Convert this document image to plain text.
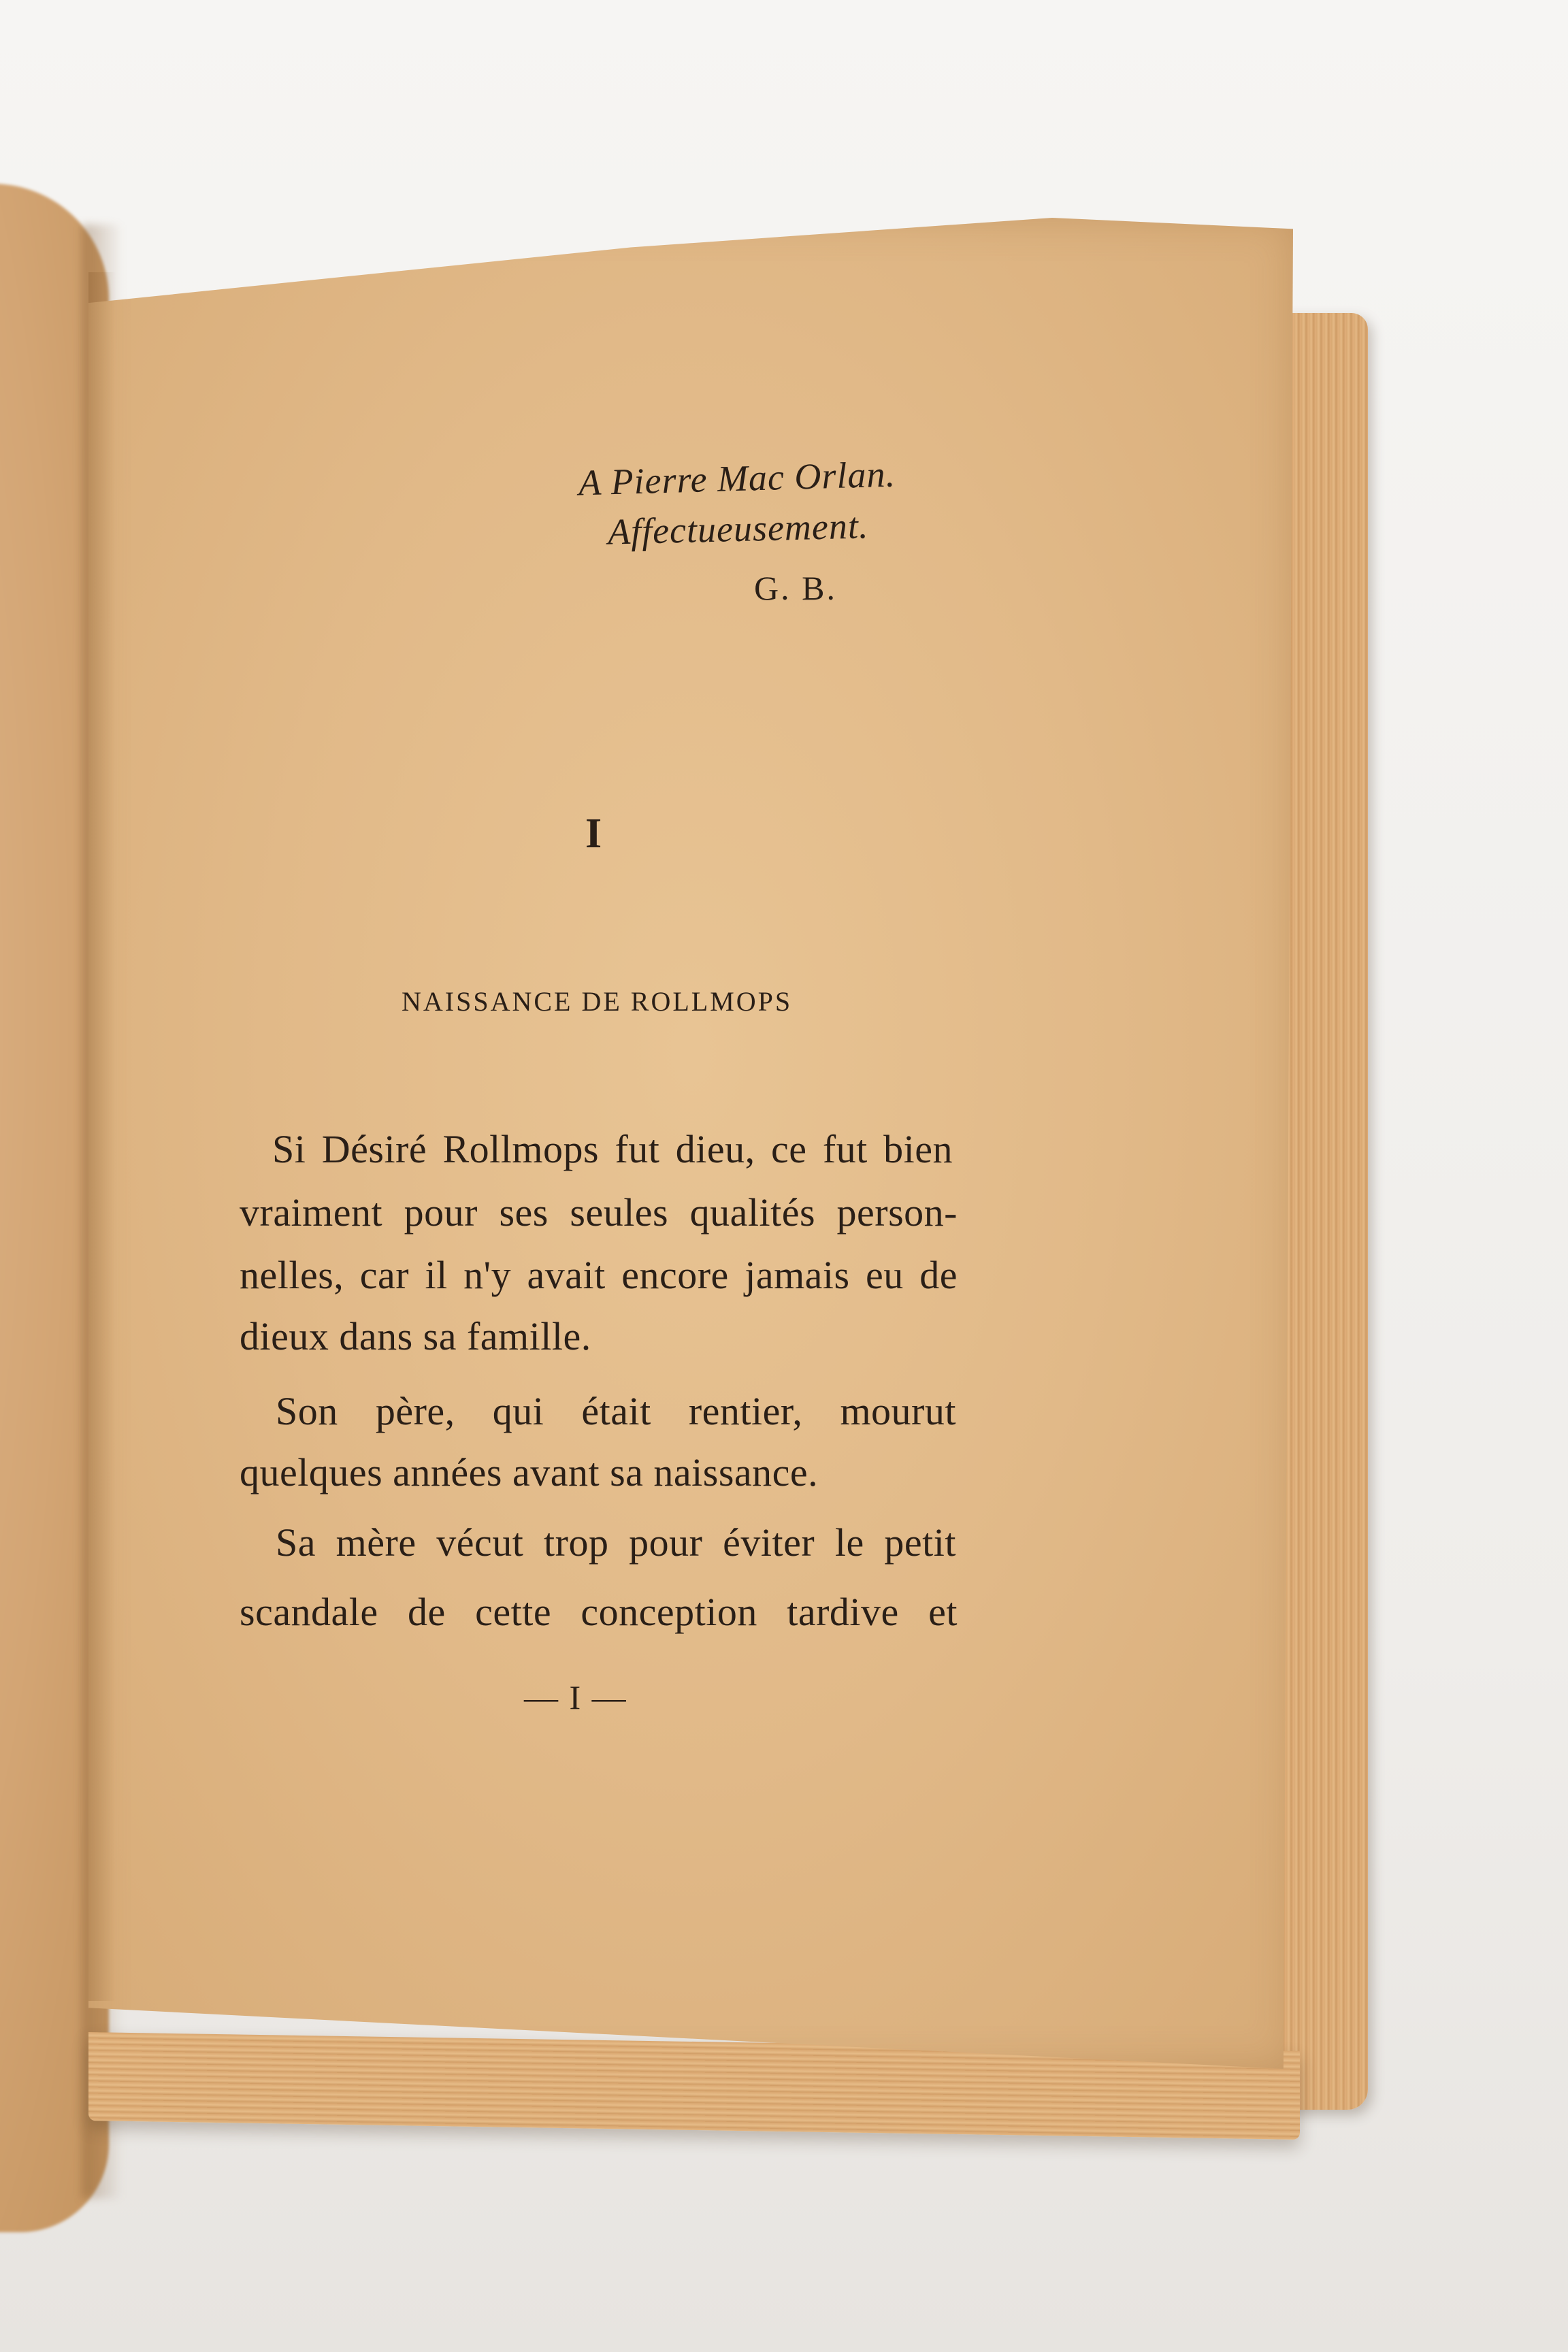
A Pierre Mac Orlan.
Affectueusement.
G. B.
I
NAISSANCE DE ROLLMOPS
Si Désiré Rollmops fut dieu, ce fut bien
vraiment pour ses seules qualités person-
nelles, car il n'y avait encore jamais eu de
dieux dans sa famille.
Son père, qui était rentier, mourut
quelques années avant sa naissance.
Sa mère vécut trop pour éviter le petit
scandale de cette conception tardive et
— I —
